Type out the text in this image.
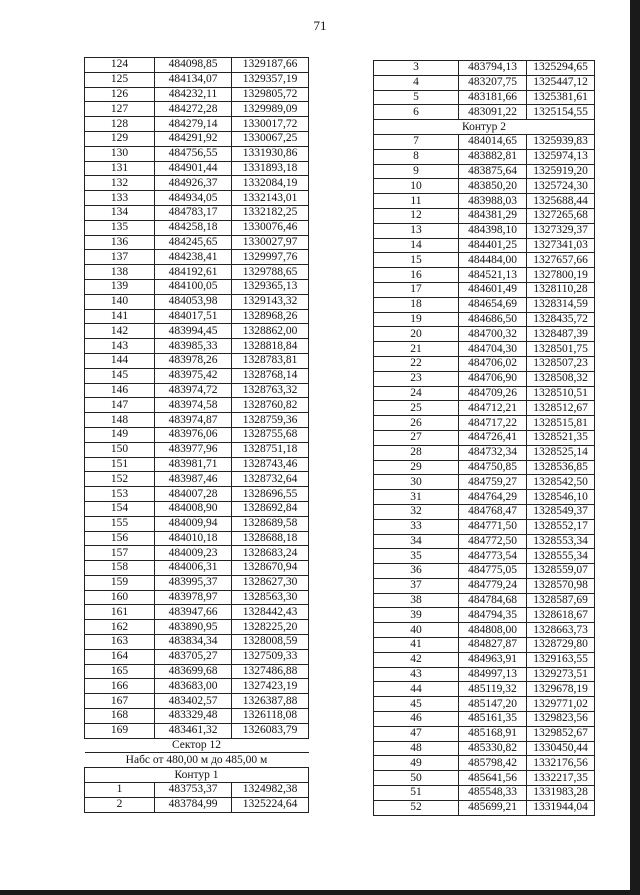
71
124	484098,85	1329187,66
125	484134,07	1329357,19
126	484232,11	1329805,72
127	484272,28	1329989,09
128	484279,14	1330017,72
129	484291,92	1330067,25
130	484756,55	1331930,86
131	484901,44	1331893,18
132	484926,37	1332084,19
133	484934,05	1332143,01
134	484783,17	1332182,25
135	484258,18	1330076,46
136	484245,65	1330027,97
137	484238,41	1329997,76
138	484192,61	1329788,65
139	484100,05	1329365,13
140	484053,98	1329143,32
141	484017,51	1328968,26
142	483994,45	1328862,00
143	483985,33	1328818,84
144	483978,26	1328783,81
145	483975,42	1328768,14
146	483974,72	1328763,32
147	483974,58	1328760,82
148	483974,87	1328759,36
149	483976,06	1328755,68
150	483977,96	1328751,18
151	483981,71	1328743,46
152	483987,46	1328732,64
153	484007,28	1328696,55
154	484008,90	1328692,84
155	484009,94	1328689,58
156	484010,18	1328688,18
157	484009,23	1328683,24
158	484006,31	1328670,94
159	483995,37	1328627,30
160	483978,97	1328563,30
161	483947,66	1328442,43
162	483890,95	1328225,20
163	483834,34	1328008,59
164	483705,27	1327509,33
165	483699,68	1327486,88
166	483683,00	1327423,19
167	483402,57	1326387,88
168	483329,48	1326118,08
169	483461,32	1326083,79
Сектор 12		
Набс от 480,00 м до 485,00 м		
Контур 1		
1	483753,37	1324982,38
2	483784,99	1325224,64
3	483794,13	1325294,65
4	483207,75	1325447,12
5	483181,66	1325381,61
6	483091,22	1325154,55
Контур 2		
7	484014,65	1325939,83
8	483882,81	1325974,13
9	483875,64	1325919,20
10	483850,20	1325724,30
11	483988,03	1325688,44
12	484381,29	1327265,68
13	484398,10	1327329,37
14	484401,25	1327341,03
15	484484,00	1327657,66
16	484521,13	1327800,19
17	484601,49	1328110,28
18	484654,69	1328314,59
19	484686,50	1328435,72
20	484700,32	1328487,39
21	484704,30	1328501,75
22	484706,02	1328507,23
23	484706,90	1328508,32
24	484709,26	1328510,51
25	484712,21	1328512,67
26	484717,22	1328515,81
27	484726,41	1328521,35
28	484732,34	1328525,14
29	484750,85	1328536,85
30	484759,27	1328542,50
31	484764,29	1328546,10
32	484768,47	1328549,37
33	484771,50	1328552,17
34	484772,50	1328553,34
35	484773,54	1328555,34
36	484775,05	1328559,07
37	484779,24	1328570,98
38	484784,68	1328587,69
39	484794,35	1328618,67
40	484808,00	1328663,73
41	484827,87	1328729,80
42	484963,91	1329163,55
43	484997,13	1329273,51
44	485119,32	1329678,19
45	485147,20	1329771,02
46	485161,35	1329823,56
47	485168,91	1329852,67
48	485330,82	1330450,44
49	485798,42	1332176,56
50	485641,56	1332217,35
51	485548,33	1331983,28
52	485699,21	1331944,04
